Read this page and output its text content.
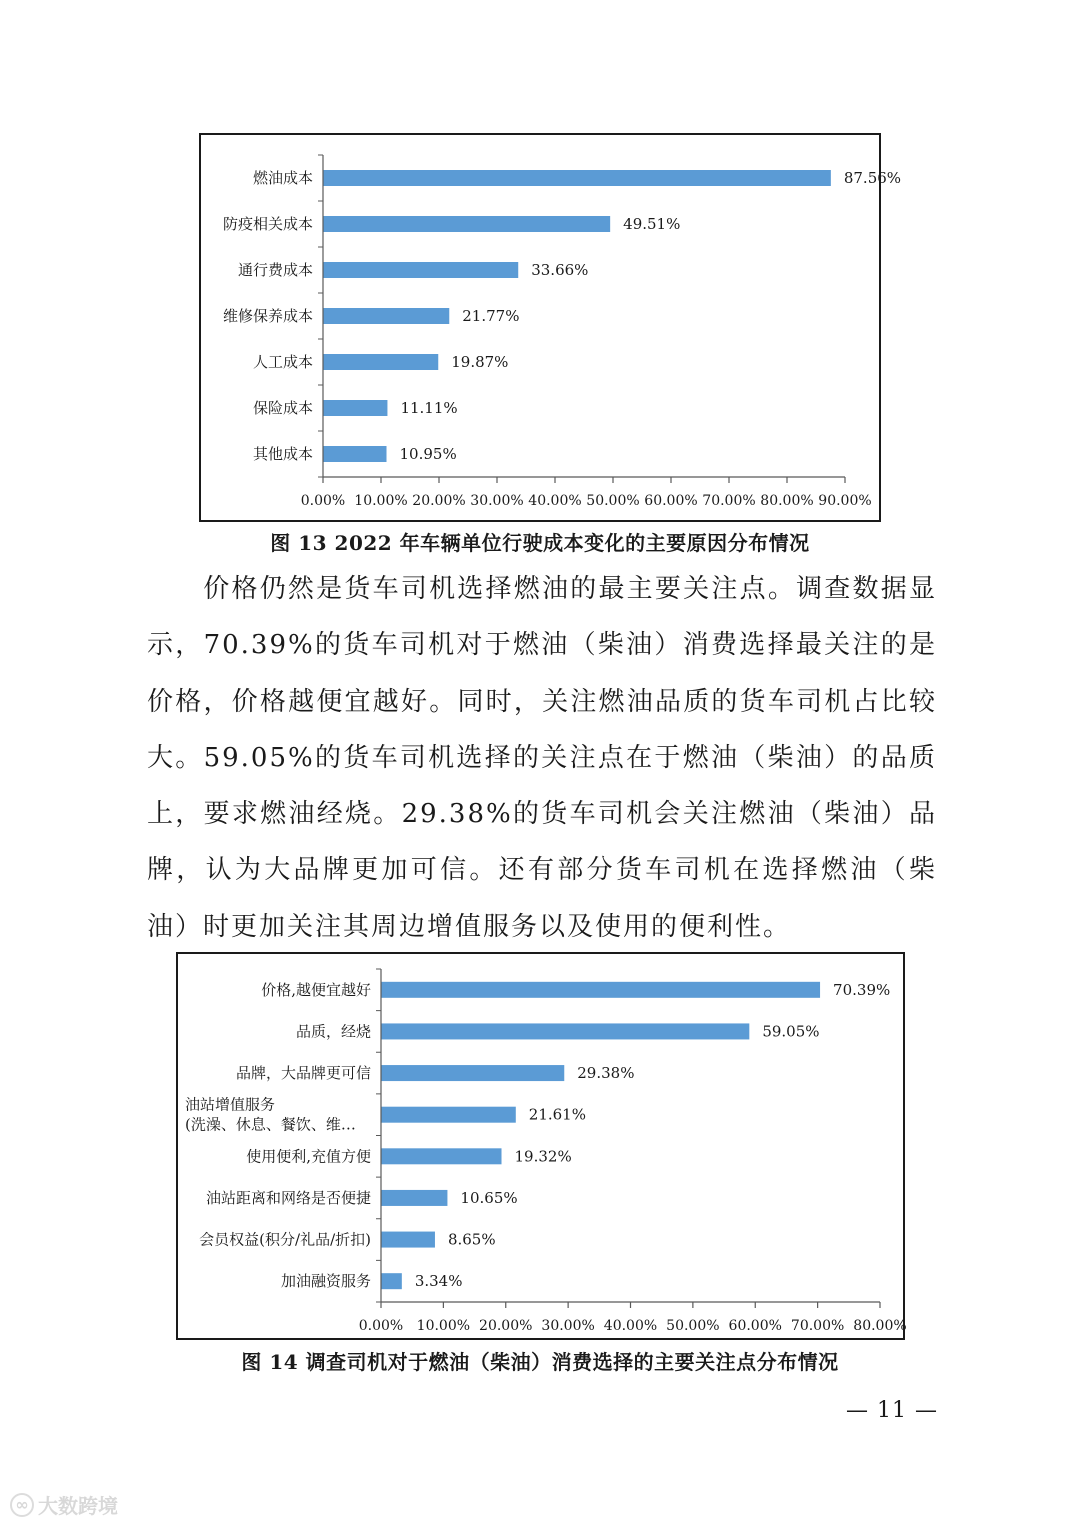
87.56%
燃油成本
49.51%
防疫相关成本
33.66%
通行费成本
21.77%
维修保养成本
19.87%
人工成本
11.11%
保险成本
10.95%
其他成本
0.00% 10.00% 20.00% 30.00% 40.00% 50.00% 60.00% 70.00% 80.00% 90.00%
图 13 2022 年车辆单位行驶成本变化的主要原因分布情况
价格仍然是货车司机选择燃油的最主要关注点。调查数据显示，70.39%的货车司机对于燃油（柴油）消费选择最关注的是价格，价格越便宜越好。同时，关注燃油品质的货车司机占比较大。59.05%的货车司机选择的关注点在于燃油（柴油）的品质上，要求燃油经烧。29.38%的货车司机会关注燃油（柴油）品牌，认为大品牌更加可信。还有部分货车司机在选择燃油（柴油）时更加关注其周边增值服务以及使用的便利性。
70.39%
价格,越便宜越好
59.05%
品质，经烧
29.38%
品牌，大品牌更可信
21.61%
油站增值服务
(洗澡、休息、餐饮、维…
19.32%
使用便利,充值方便
10.65%
油站距离和网络是否便捷
8.65%
会员权益(积分/礼品/折扣)
3.34%
加油融资服务
0.00% 10.00% 20.00% 30.00% 40.00% 50.00% 60.00% 70.00% 80.00%
图 14 调查司机对于燃油（柴油）消费选择的主要关注点分布情况
— 11 —
∞ 大数跨境
